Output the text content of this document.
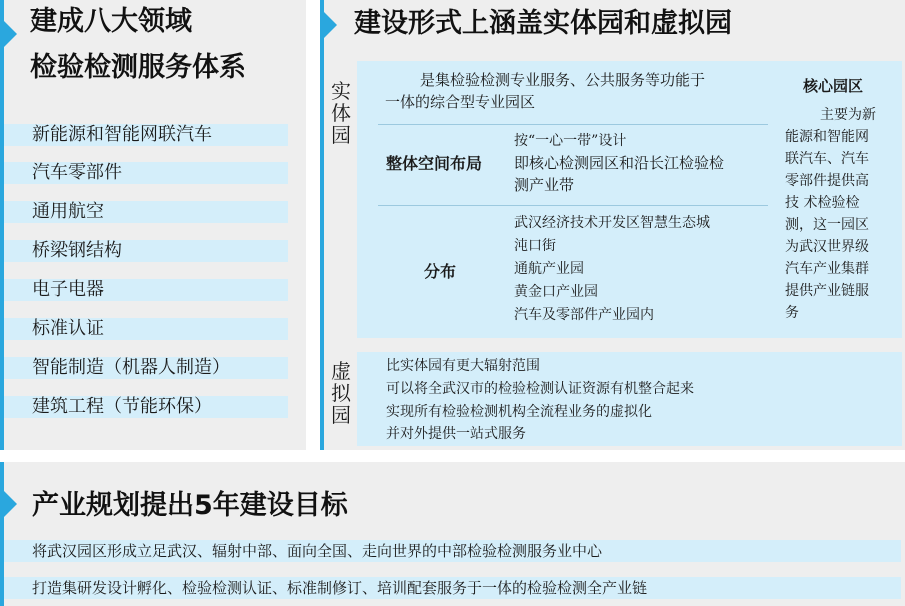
建成八大领域
检验检测服务体系
新能源和智能网联汽车
汽车零部件
通用航空
桥梁钢结构
电子电器
标准认证
智能制造（机器人制造）
建筑工程（节能环保）
建设形式上涵盖实体园和虚拟园
实体园
是集检验检测专业服务、公共服务等功能于
一体的综合型专业园区
整体空间布局
按“一心一带”设计
即核心检测园区和沿长江检验检
测产业带
分布
武汉经济技术开发区智慧生态城
沌口街
通航产业园
黄金口产业园
汽车及零部件产业园内
核心园区
主要为新
能源和智能网
联汽车、汽车
零部件提供高
技 术检验检
测，这一园区
为武汉世界级
汽车产业集群
提供产业链服
务
虚拟园
比实体园有更大辐射范围
可以将全武汉市的检验检测认证资源有机整合起来
实现所有检验检测机构全流程业务的虚拟化
并对外提供一站式服务
产业规划提出5年建设目标
将武汉园区形成立足武汉、辐射中部、面向全国、走向世界的中部检验检测服务业中心
打造集研发设计孵化、检验检测认证、标准制修订、培训配套服务于一体的检验检测全产业链
